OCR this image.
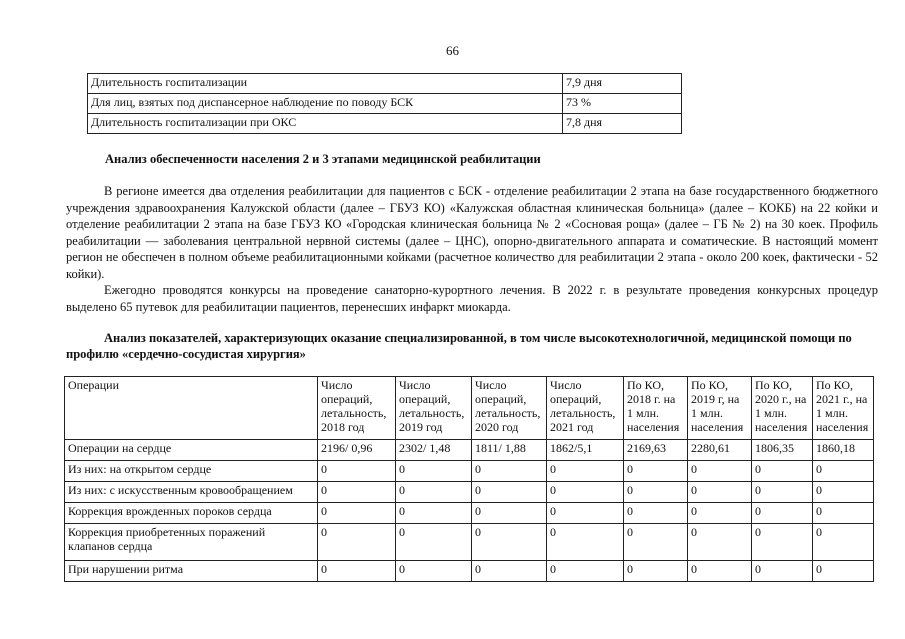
66
Длительность госпитализации	7,9 дня
Для лиц, взятых под диспансерное наблюдение по поводу БСК	73 %
Длительность госпитализации при ОКС	7,8 дня
Анализ обеспеченности населения 2 и 3 этапами медицинской реабилитации

В регионе имеется два отделения реабилитации для пациентов с БСК - отделение реабилитации 2 этапа на базе государственного бюджетного учреждения здравоохранения Калужской области (далее – ГБУЗ КО) «Калужская областная клиническая больница» (далее – КОКБ) на 22 койки и отделение реабилитации 2 этапа на базе ГБУЗ КО «Городская клиническая больница № 2 «Сосновая роща» (далее – ГБ № 2) на 30 коек. Профиль реабилитации — заболевания центральной нервной системы (далее – ЦНС), опорно-двигательного аппарата и соматические. В настоящий момент регион не обеспечен в полном объеме реабилитационными койками (расчетное количество для реабилитации 2 этапа - около 200 коек, фактически - 52 койки).

Ежегодно проводятся конкурсы на проведение санаторно-курортного лечения. В 2022 г. в результате проведения конкурсных процедур выделено 65 путевок для реабилитации пациентов, перенесших инфаркт миокарда.

Анализ показателей, характеризующих оказание специализированной, в том числе высокотехнологичной, медицинской помощи по профилю «сердечно-сосудистая хирургия»

Операции	Число операций, летальность, 2018 год	Число операций, летальность, 2019 год	Число операций, летальность, 2020 год	Число операций, летальность, 2021 год	По КО, 2018 г. на 1 млн. населения	По КО, 2019 г, на 1 млн. населения	По КО, 2020 г., на 1 млн. населения	По КО, 2021 г., на 1 млн. населения
Операции на сердце	2196/ 0,96	2302/ 1,48	1811/ 1,88	1862/5,1	2169,63	2280,61	1806,35	1860,18
Из них: на открытом сердце	0	0	0	0	0	0	0	0
Из них: с искусственным кровообращением	0	0	0	0	0	0	0	0
Коррекция врожденных пороков сердца	0	0	0	0	0	0	0	0
Коррекция приобретенных поражений клапанов сердца	0	0	0	0	0	0	0	0
При нарушении ритма	0	0	0	0	0	0	0	0
